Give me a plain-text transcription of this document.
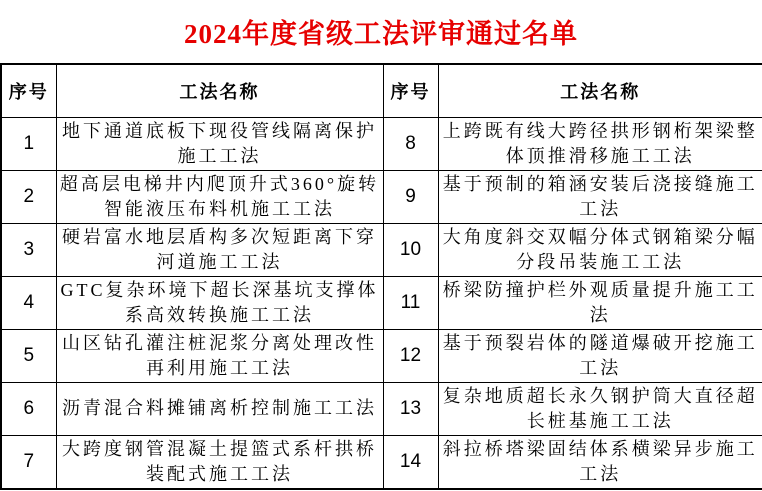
2024年度省级工法评审通过名单
序号	工法名称	序号	工法名称
1	地下通道底板下现役管线隔离保护施工工法	8	上跨既有线大跨径拱形钢桁架梁整体顶推滑移施工工法
2	超高层电梯井内爬顶升式360°旋转智能液压布料机施工工法	9	基于预制的箱涵安装后浇接缝施工工法
3	硬岩富水地层盾构多次短距离下穿河道施工工法	10	大角度斜交双幅分体式钢箱梁分幅分段吊装施工工法
4	GTC复杂环境下超长深基坑支撑体系高效转换施工工法	11	桥梁防撞护栏外观质量提升施工工法
5	山区钻孔灌注桩泥浆分离处理改性再利用施工工法	12	基于预裂岩体的隧道爆破开挖施工工法
6	沥青混合料摊铺离析控制施工工法	13	复杂地质超长永久钢护筒大直径超长桩基施工工法
7	大跨度钢管混凝土提篮式系杆拱桥装配式施工工法	14	斜拉桥塔梁固结体系横梁异步施工工法
